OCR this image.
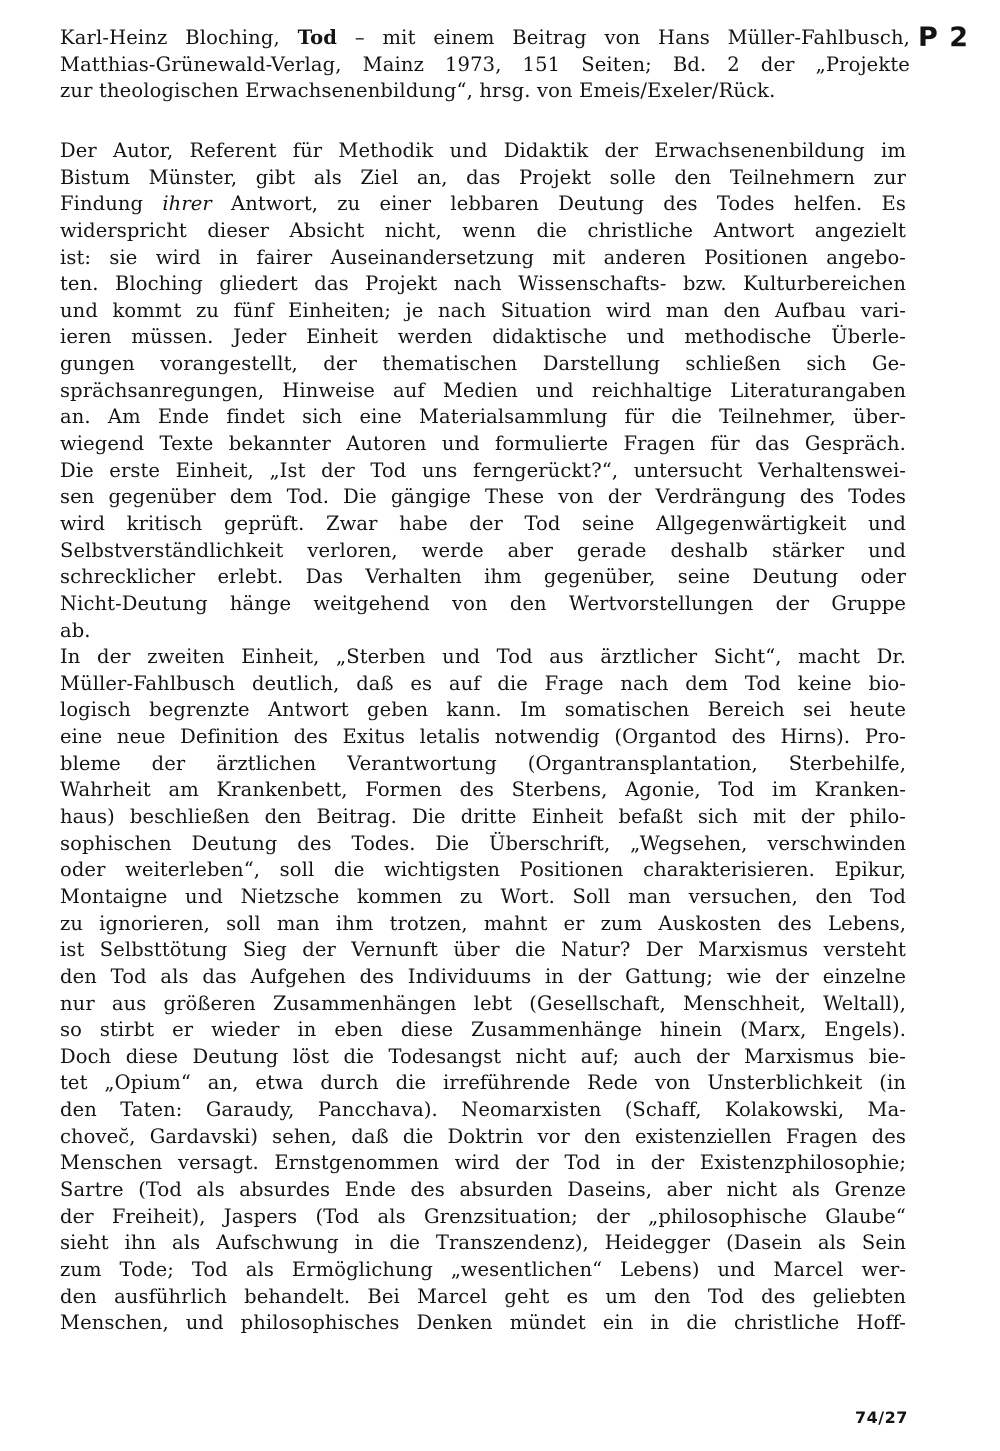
Karl-Heinz Bloching, Tod – mit einem Beitrag von Hans Müller-Fahlbusch,
Matthias-Grünewald-Verlag, Mainz 1973, 151 Seiten; Bd. 2 der „Projekte
zur theologischen Erwachsenenbildung“, hrsg. von Emeis/Exeler/Rück.
P 2
Der Autor, Referent für Methodik und Didaktik der Erwachsenenbildung im
Bistum Münster, gibt als Ziel an, das Projekt solle den Teilnehmern zur
Findung ihrer Antwort, zu einer lebbaren Deutung des Todes helfen. Es
widerspricht dieser Absicht nicht, wenn die christliche Antwort angezielt
ist: sie wird in fairer Auseinandersetzung mit anderen Positionen angebo-
ten. Bloching gliedert das Projekt nach Wissenschafts- bzw. Kulturbereichen
und kommt zu fünf Einheiten; je nach Situation wird man den Aufbau vari-
ieren müssen. Jeder Einheit werden didaktische und methodische Überle-
gungen vorangestellt, der thematischen Darstellung schließen sich Ge-
sprächsanregungen, Hinweise auf Medien und reichhaltige Literaturangaben
an. Am Ende findet sich eine Materialsammlung für die Teilnehmer, über-
wiegend Texte bekannter Autoren und formulierte Fragen für das Gespräch.
Die erste Einheit, „Ist der Tod uns ferngerückt?“, untersucht Verhaltenswei-
sen gegenüber dem Tod. Die gängige These von der Verdrängung des Todes
wird kritisch geprüft. Zwar habe der Tod seine Allgegenwärtigkeit und
Selbstverständlichkeit verloren, werde aber gerade deshalb stärker und
schrecklicher erlebt. Das Verhalten ihm gegenüber, seine Deutung oder
Nicht-Deutung hänge weitgehend von den Wertvorstellungen der Gruppe
ab.
In der zweiten Einheit, „Sterben und Tod aus ärztlicher Sicht“, macht Dr.
Müller-Fahlbusch deutlich, daß es auf die Frage nach dem Tod keine bio-
logisch begrenzte Antwort geben kann. Im somatischen Bereich sei heute
eine neue Definition des Exitus letalis notwendig (Organtod des Hirns). Pro-
bleme der ärztlichen Verantwortung (Organtransplantation, Sterbehilfe,
Wahrheit am Krankenbett, Formen des Sterbens, Agonie, Tod im Kranken-
haus) beschließen den Beitrag. Die dritte Einheit befaßt sich mit der philo-
sophischen Deutung des Todes. Die Überschrift, „Wegsehen, verschwinden
oder weiterleben“, soll die wichtigsten Positionen charakterisieren. Epikur,
Montaigne und Nietzsche kommen zu Wort. Soll man versuchen, den Tod
zu ignorieren, soll man ihm trotzen, mahnt er zum Auskosten des Lebens,
ist Selbsttötung Sieg der Vernunft über die Natur? Der Marxismus versteht
den Tod als das Aufgehen des Individuums in der Gattung; wie der einzelne
nur aus größeren Zusammenhängen lebt (Gesellschaft, Menschheit, Weltall),
so stirbt er wieder in eben diese Zusammenhänge hinein (Marx, Engels).
Doch diese Deutung löst die Todesangst nicht auf; auch der Marxismus bie-
tet „Opium“ an, etwa durch die irreführende Rede von Unsterblichkeit (in
den Taten: Garaudy, Pancchava). Neomarxisten (Schaff, Kolakowski, Ma-
chovec̆, Gardavski) sehen, daß die Doktrin vor den existenziellen Fragen des
Menschen versagt. Ernstgenommen wird der Tod in der Existenzphilosophie;
Sartre (Tod als absurdes Ende des absurden Daseins, aber nicht als Grenze
der Freiheit), Jaspers (Tod als Grenzsituation; der „philosophische Glaube“
sieht ihn als Aufschwung in die Transzendenz), Heidegger (Dasein als Sein
zum Tode; Tod als Ermöglichung „wesentlichen“ Lebens) und Marcel wer-
den ausführlich behandelt. Bei Marcel geht es um den Tod des geliebten
Menschen, und philosophisches Denken mündet ein in die christliche Hoff-
74/27
